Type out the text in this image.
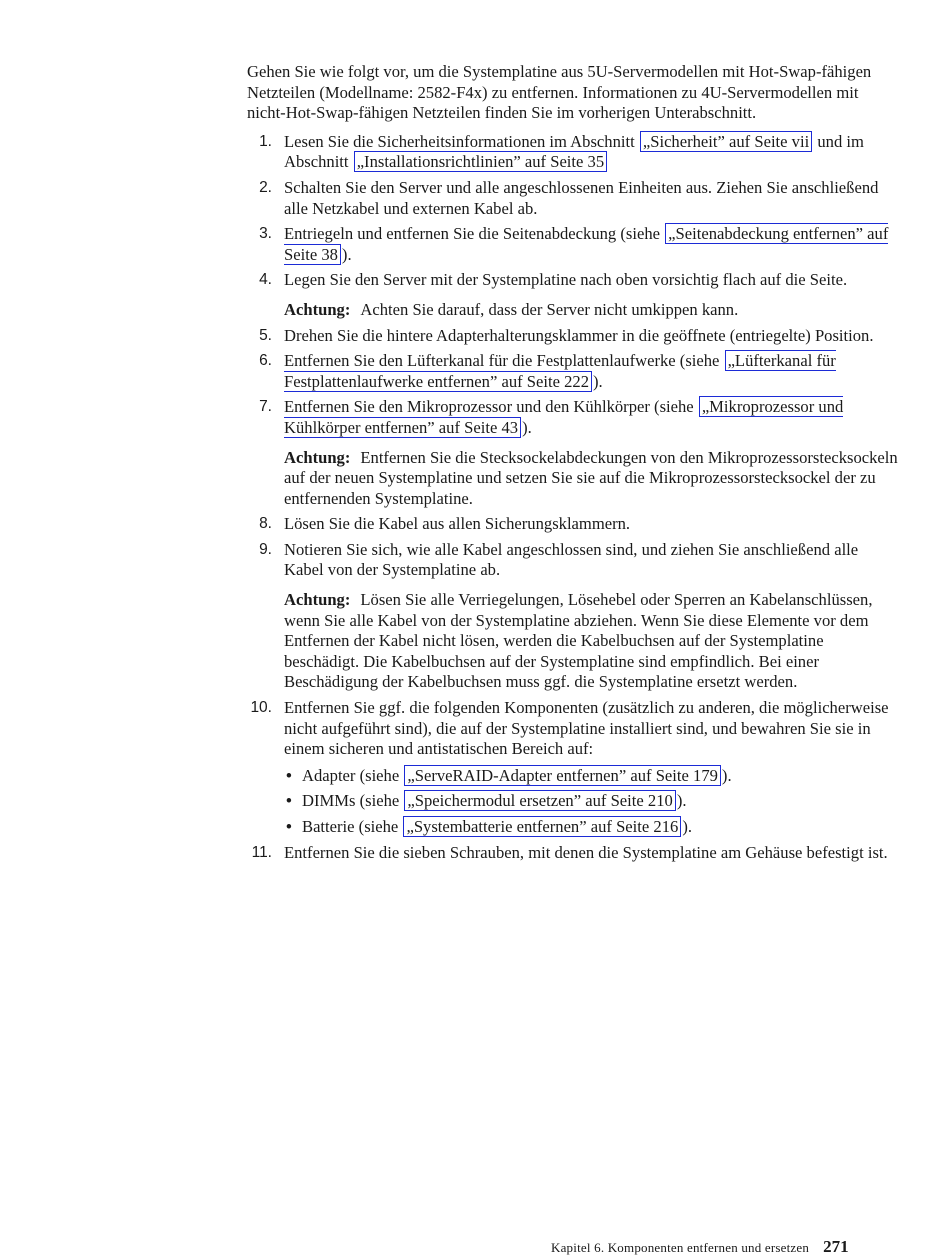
Gehen Sie wie folgt vor, um die Systemplatine aus 5U-Servermodellen mit Hot-Swap-fähigen Netzteilen (Modellname: 2582-F4x) zu entfernen. Informationen zu 4U-Servermodellen mit nicht-Hot-Swap-fähigen Netzteilen finden Sie im vorherigen Unterabschnitt.

1. Lesen Sie die Sicherheitsinformationen im Abschnitt „Sicherheit” auf Seite vii und im Abschnitt „Installationsrichtlinien” auf Seite 35
2. Schalten Sie den Server und alle angeschlossenen Einheiten aus. Ziehen Sie anschließend alle Netzkabel und externen Kabel ab.
3. Entriegeln und entfernen Sie die Seitenabdeckung (siehe „Seitenabdeckung entfernen” auf Seite 38 ).
4. Legen Sie den Server mit der Systemplatine nach oben vorsichtig flach auf die Seite.

Achtung: Achten Sie darauf, dass der Server nicht umkippen kann.

5. Drehen Sie die hintere Adapterhalterungsklammer in die geöffnete (entriegelte) Position.
6. Entfernen Sie den Lüfterkanal für die Festplattenlaufwerke (siehe „Lüfterkanal für Festplattenlaufwerke entfernen” auf Seite 222 ).
7. Entfernen Sie den Mikroprozessor und den Kühlkörper (siehe „Mikroprozessor und Kühlkörper entfernen” auf Seite 43 ).

Achtung: Entfernen Sie die Stecksockelabdeckungen von den Mikroprozessorstecksockeln auf der neuen Systemplatine und setzen Sie sie auf die Mikroprozessorstecksockel der zu entfernenden Systemplatine.

8. Lösen Sie die Kabel aus allen Sicherungsklammern.
9. Notieren Sie sich, wie alle Kabel angeschlossen sind, und ziehen Sie anschließend alle Kabel von der Systemplatine ab.

Achtung: Lösen Sie alle Verriegelungen, Lösehebel oder Sperren an Kabelanschlüssen, wenn Sie alle Kabel von der Systemplatine abziehen. Wenn Sie diese Elemente vor dem Entfernen der Kabel nicht lösen, werden die Kabelbuchsen auf der Systemplatine beschädigt. Die Kabelbuchsen auf der Systemplatine sind empfindlich. Bei einer Beschädigung der Kabelbuchsen muss ggf. die Systemplatine ersetzt werden.

10. Entfernen Sie ggf. die folgenden Komponenten (zusätzlich zu anderen, die möglicherweise nicht aufgeführt sind), die auf der Systemplatine installiert sind, und bewahren Sie sie in einem sicheren und antistatischen Bereich auf:
• Adapter (siehe „ServeRAID-Adapter entfernen” auf Seite 179 ).
• DIMMs (siehe „Speichermodul ersetzen” auf Seite 210 ).
• Batterie (siehe „Systembatterie entfernen” auf Seite 216 ).
11. Entfernen Sie die sieben Schrauben, mit denen die Systemplatine am Gehäuse befestigt ist.
Kapitel 6. Komponenten entfernen und ersetzen 271
